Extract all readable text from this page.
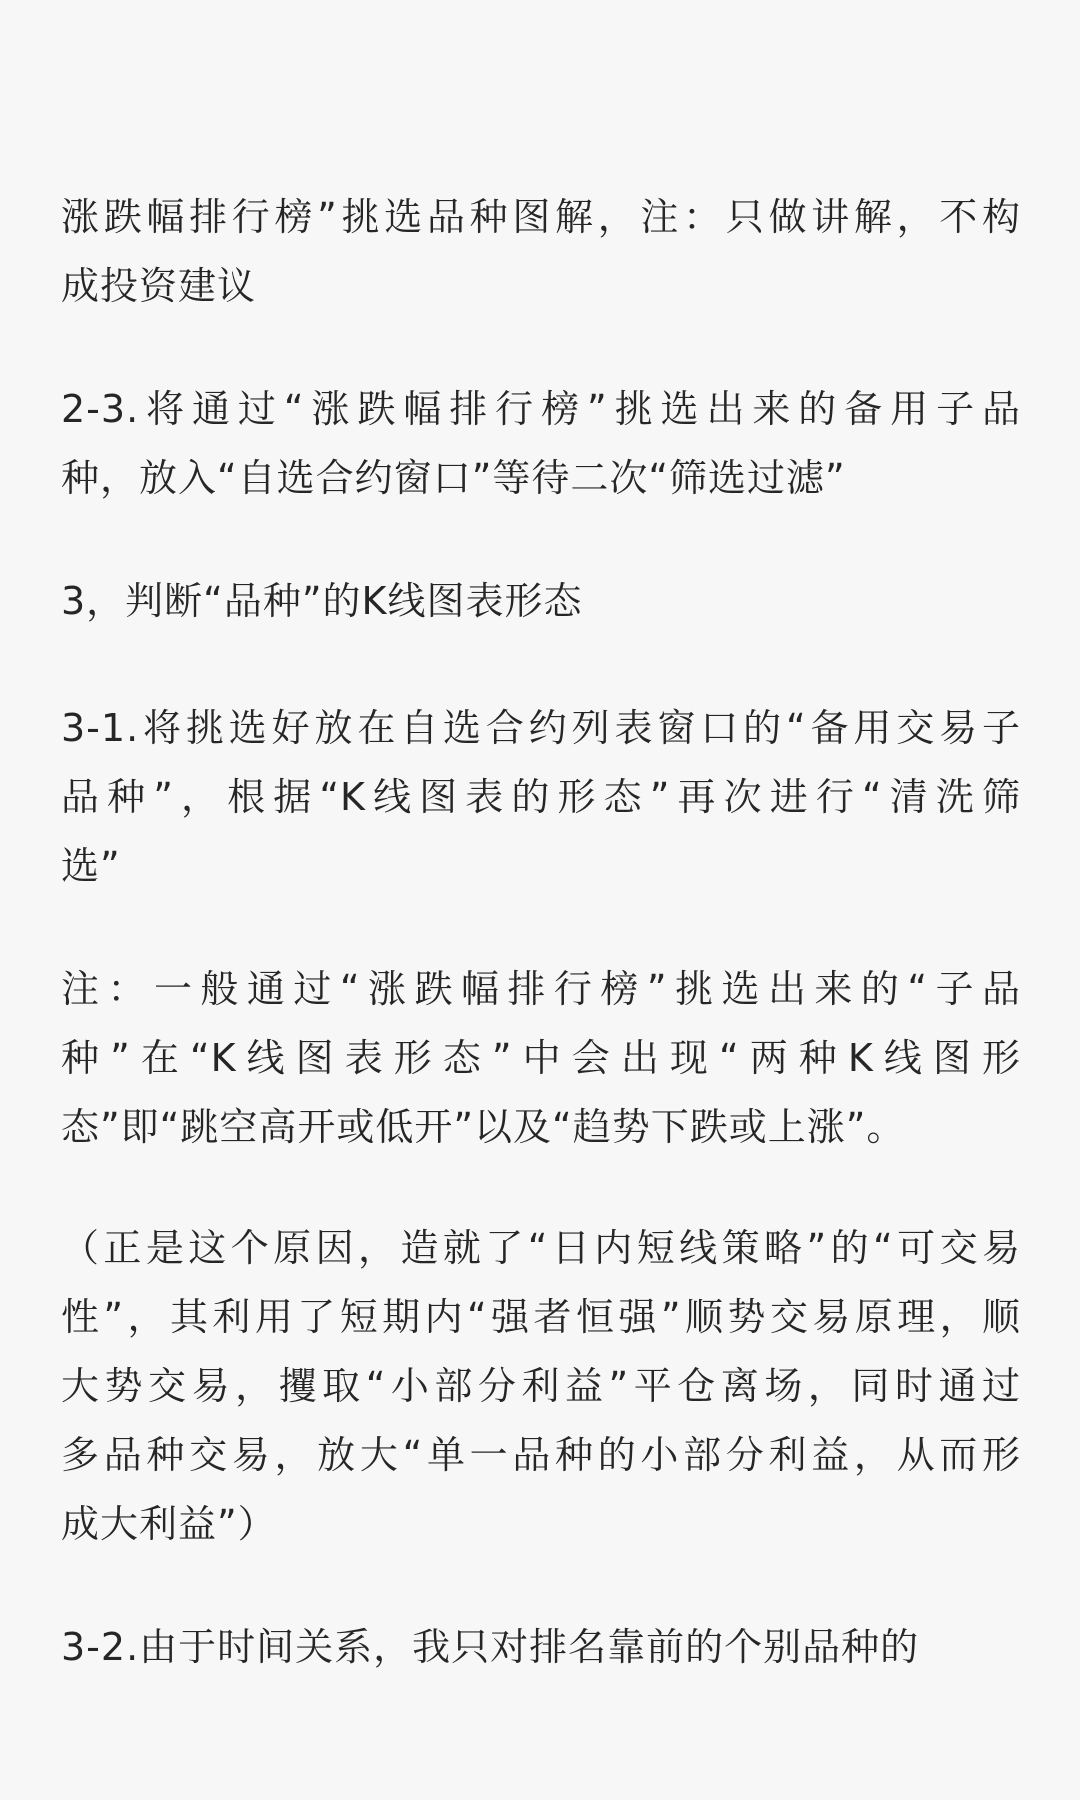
涨跌幅排行榜”挑选品种图解，注：只做讲解，不构
成投资建议
2-3.将通过“涨跌幅排行榜”挑选出来的备用子品
种，放入“自选合约窗口”等待二次“筛选过滤”
3，判断“品种”的K线图表形态
3-1.将挑选好放在自选合约列表窗口的“备用交易子
品种”，根据“K线图表的形态”再次进行“清洗筛
选”
注：一般通过“涨跌幅排行榜”挑选出来的“子品
种”在“K线图表形态”中会出现“两种K线图形
态”即“跳空高开或低开”以及“趋势下跌或上涨”。
（正是这个原因，造就了“日内短线策略”的“可交易
性”，其利用了短期内“强者恒强”顺势交易原理，顺
大势交易，攫取“小部分利益”平仓离场，同时通过
多品种交易，放大“单一品种的小部分利益，从而形
成大利益”）
3-2.由于时间关系，我只对排名靠前的个别品种的
